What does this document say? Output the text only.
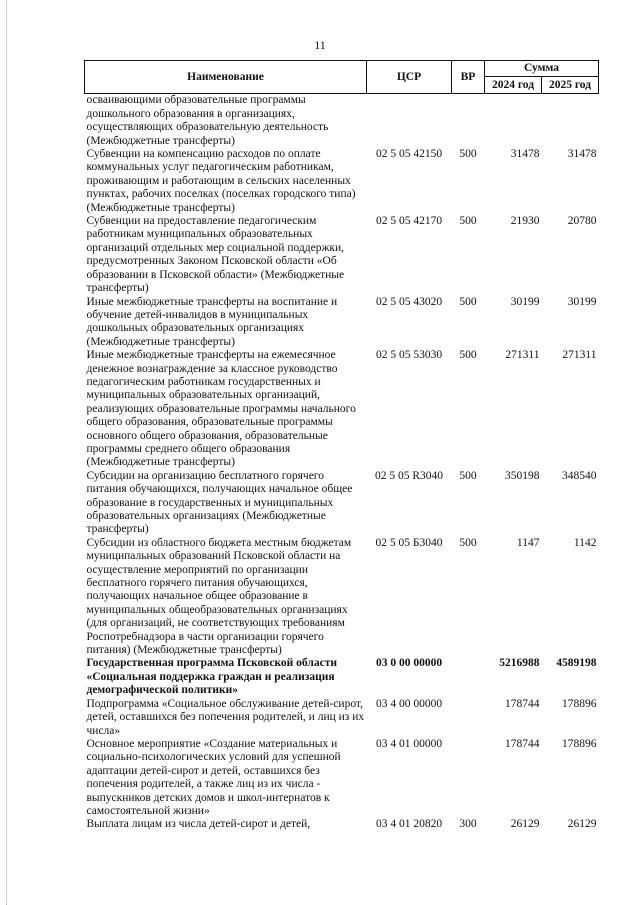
11
Наименование	ЦСР	ВР	Сумма	
			2024 год	2025 год
осваивающими образовательные программы дошкольного образования в организациях, осуществляющих образовательную деятельность (Межбюджетные трансферты)				
Субвенции на компенсацию расходов по оплате коммунальных услуг педагогическим работникам, проживающим и работающим в сельских населенных пунктах, рабочих поселках (поселках городского типа) (Межбюджетные трансферты)	02 5 05 42150	500	31478	31478
Субвенции на предоставление педагогическим работникам муниципальных образовательных организаций отдельных мер социальной поддержки, предусмотренных Законом Псковской области «Об образовании в Псковской области» (Межбюджетные трансферты)	02 5 05 42170	500	21930	20780
Иные межбюджетные трансферты на воспитание и обучение детей-инвалидов в муниципальных дошкольных образовательных организациях (Межбюджетные трансферты)	02 5 05 43020	500	30199	30199
Иные межбюджетные трансферты на ежемесячное денежное вознаграждение за классное руководство педагогическим работникам государственных и муниципальных образовательных организаций, реализующих образовательные программы начального общего образования, образовательные программы основного общего образования, образовательные программы среднего общего образования (Межбюджетные трансферты)	02 5 05 53030	500	271311	271311
Субсидии на организацию бесплатного горячего питания обучающихся, получающих начальное общее образование в государственных и муниципальных образовательных организациях (Межбюджетные трансферты)	02 5 05 R3040	500	350198	348540
Субсидии из областного бюджета местным бюджетам муниципальных образований Псковской области на осуществление мероприятий по организации бесплатного горячего питания обучающихся, получающих начальное общее образование в муниципальных общеобразовательных организациях (для организаций, не соответствующих требованиям Роспотребнадзора в части организации горячего питания) (Межбюджетные трансферты)	02 5 05 Б3040	500	1147	1142
Государственная программа Псковской области «Социальная поддержка граждан и реализация демографической политики»	03 0 00 00000		5216988	4589198
Подпрограмма «Социальное обслуживание детей-сирот, детей, оставшихся без попечения родителей, и лиц из их числа»	03 4 00 00000		178744	178896
Основное мероприятие «Создание материальных и социально-психологических условий для успешной адаптации детей-сирот и детей, оставшихся без попечения родителей, а также лиц из их числа - выпускников детских домов и школ-интернатов к самостоятельной жизни»	03 4 01 00000		178744	178896
Выплата лицам из числа детей-сирот и детей,	03 4 01 20820	300	26129	26129
